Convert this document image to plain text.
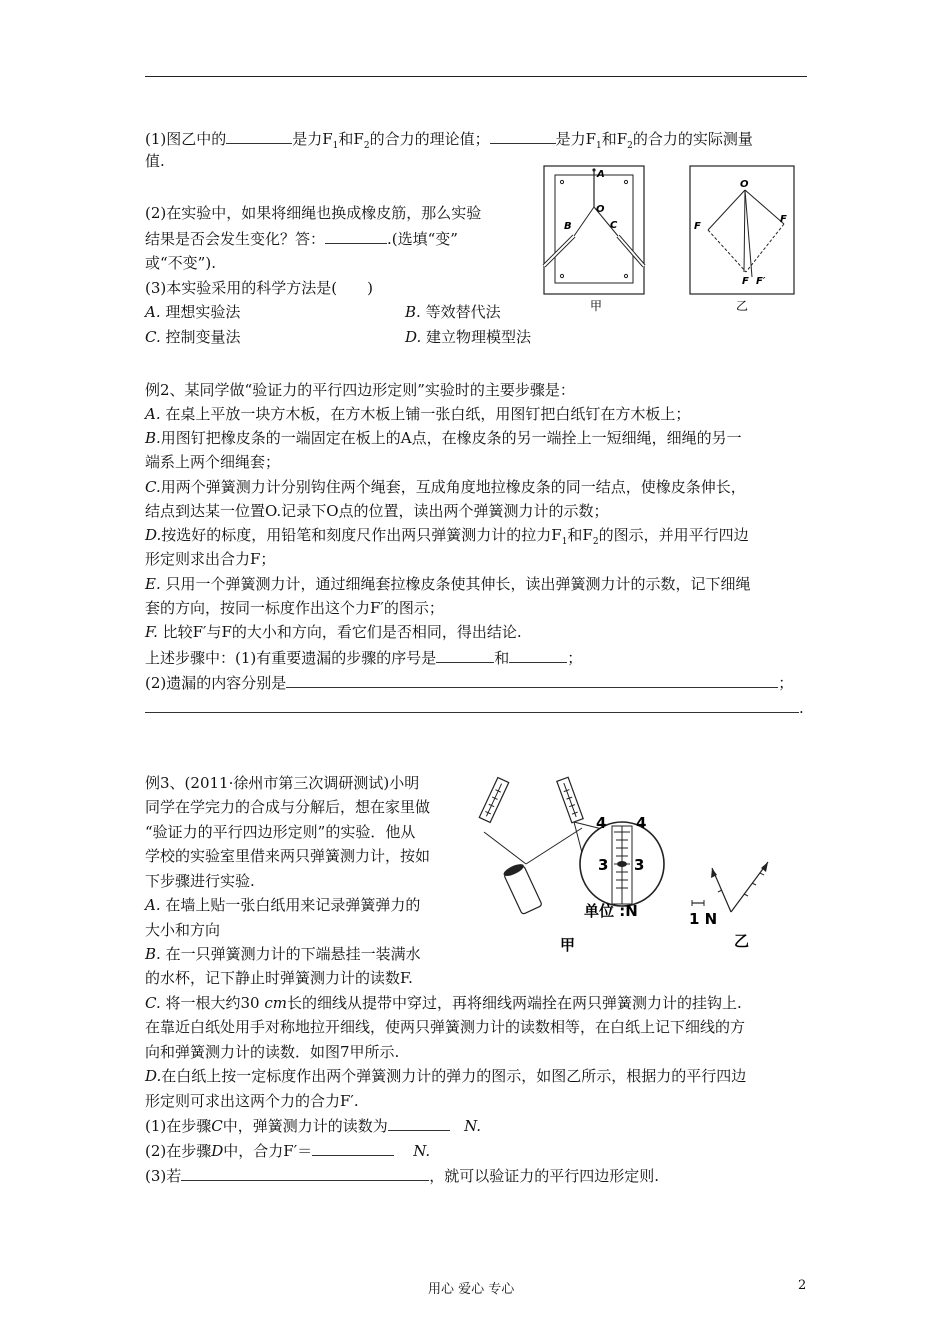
(1)图乙中的	是力$F_1$和$F_2$的合力的理论值；	是力$F_1$和$F_2$的合力的实际测量
值.
(2)在实验中，如果将细绳也换成橡皮筋，那么实验
结果是否会发生变化？答：	.(选填“变”
或“不变”).
(3)本实验采用的科学方法是(　　)
A. 理想实验法	B. 等效替代法
C. 控制变量法	D. 建立物理模型法
A
O
B	C
甲
O
F
F
F′
F
乙
例2、某同学做“验证力的平行四边形定则”实验时的主要步骤是：
A. 在桌上平放一块方木板，在方木板上铺一张白纸，用图钉把白纸钉在方木板上；
B.用图钉把橡皮条的一端固定在板上的A点，在橡皮条的另一端拴上一短细绳，细绳的另一
端系上两个细绳套；
C.用两个弹簧测力计分别钩住两个绳套，互成角度地拉橡皮条的同一结点，使橡皮条伸长，
结点到达某一位置O.记录下O点的位置，读出两个弹簧测力计的示数；
D.按选好的标度，用铅笔和刻度尺作出两只弹簧测力计的拉力$F_1$和$F_2$的图示，并用平行四边
形定则求出合力F；
E. 只用一个弹簧测力计，通过细绳套拉橡皮条使其伸长，读出弹簧测力计的示数，记下细绳
套的方向，按同一标度作出这个力F′的图示；
F. 比较F′与F的大小和方向，看它们是否相同，得出结论.
上述步骤中：(1)有重要遗漏的步骤的序号是	和	；
(2)遗漏的内容分别是	；
.
例3、(2011·徐州市第三次调研测试)小明
同学在学完力的合成与分解后，想在家里做
“验证力的平行四边形定则”的实验．他从
学校的实验室里借来两只弹簧测力计，按如
下步骤进行实验.
A. 在墙上贴一张白纸用来记录弹簧弹力的
大小和方向
B. 在一只弹簧测力计的下端悬挂一装满水
的水杯，记下静止时弹簧测力计的读数F.
C. 将一根大约30 cm长的细线从提带中穿过，再将细线两端拴在两只弹簧测力计的挂钩上.
在靠近白纸处用手对称地拉开细线，使两只弹簧测力计的读数相等，在白纸上记下细线的方
向和弹簧测力计的读数．如图7甲所示.
D.在白纸上按一定标度作出两个弹簧测力计的弹力的图示，如图乙所示，根据力的平行四边
形定则可求出这两个力的合力F′.
(1)在步骤C中，弹簧测力计的读数为	N.
(2)在步骤D中，合力F′＝	N.
(3)若	，就可以验证力的平行四边形定则.
4 4
3 3
单位 :N
甲
1 N
乙
用心 爱心 专心	2
